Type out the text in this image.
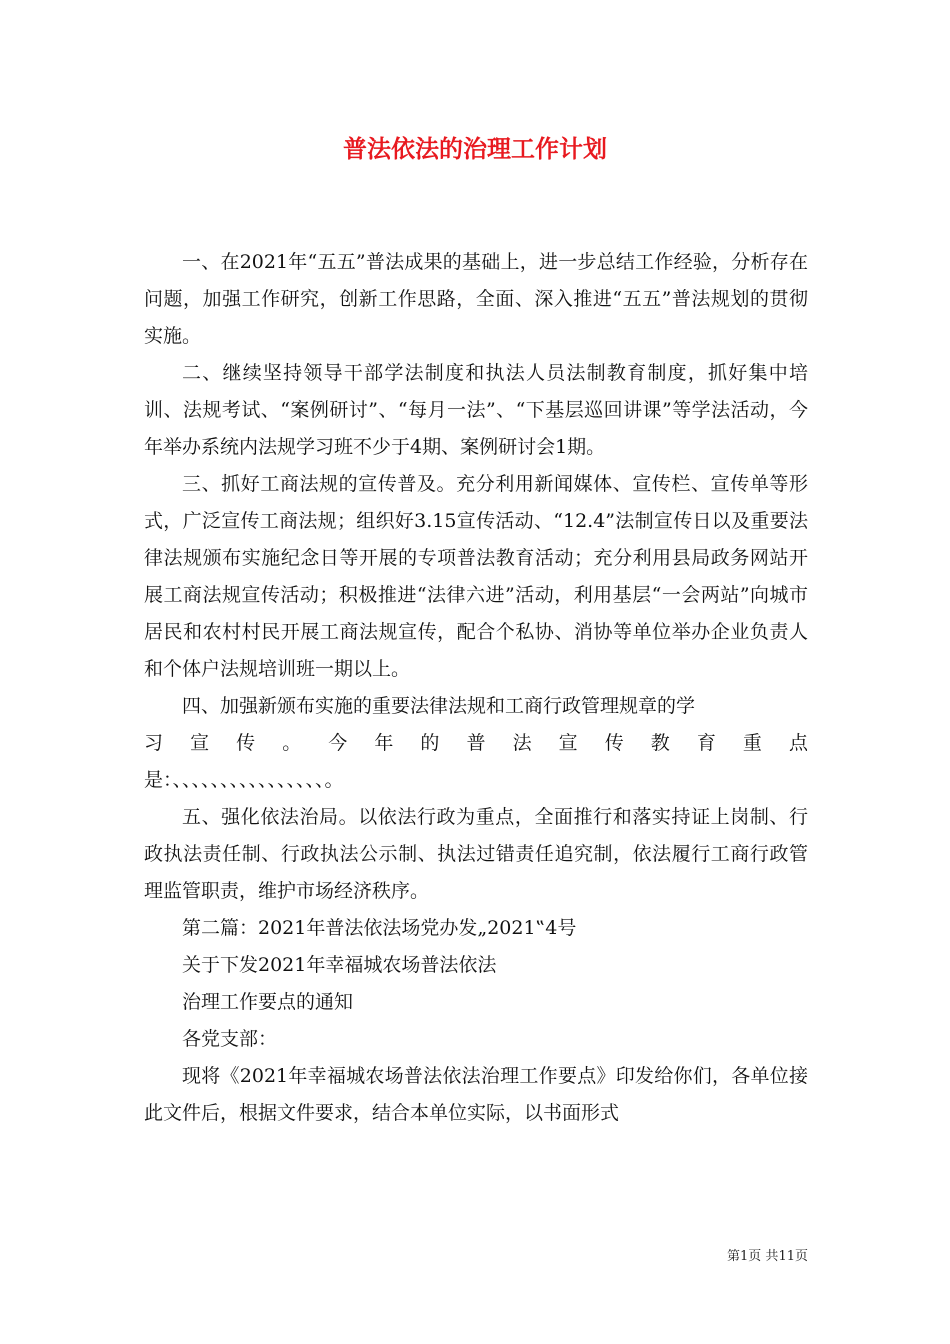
普法依法的治理工作计划

一、在2021年“五五”普法成果的基础上，进一步总结工作经验，分析存在问题，加强工作研究，创新工作思路，全面、深入推进“五五”普法规划的贯彻实施。

二、继续坚持领导干部学法制度和执法人员法制教育制度，抓好集中培训、法规考试、“案例研讨”、“每月一法”、“下基层巡回讲课”等学法活动，今年举办系统内法规学习班不少于4期、案例研讨会1期。

三、抓好工商法规的宣传普及。充分利用新闻媒体、宣传栏、宣传单等形式，广泛宣传工商法规；组织好3.15宣传活动、“12.4”法制宣传日以及重要法律法规颁布实施纪念日等开展的专项普法教育活动；充分利用县局政务网站开展工商法规宣传活动；积极推进“法律六进”活动，利用基层“一会两站”向城市居民和农村村民开展工商法规宣传，配合个私协、消协等单位举办企业负责人和个体户法规培训班一期以上。

四、加强新颁布实施的重要法律法规和工商行政管理规章的学

习宣传。今年的普法宣传教育重点

是：、、、、、、、、、、、、、、、、。

五、强化依法治局。以依法行政为重点，全面推行和落实持证上岗制、行政执法责任制、行政执法公示制、执法过错责任追究制，依法履行工商行政管理监管职责，维护市场经济秩序。

第二篇：2021年普法依法场党办发„2021‟4号

关于下发2021年幸福城农场普法依法

治理工作要点的通知

各党支部：

现将《2021年幸福城农场普法依法治理工作要点》印发给你们，各单位接此文件后，根据文件要求，结合本单位实际，以书面形式

第1页 共11页
